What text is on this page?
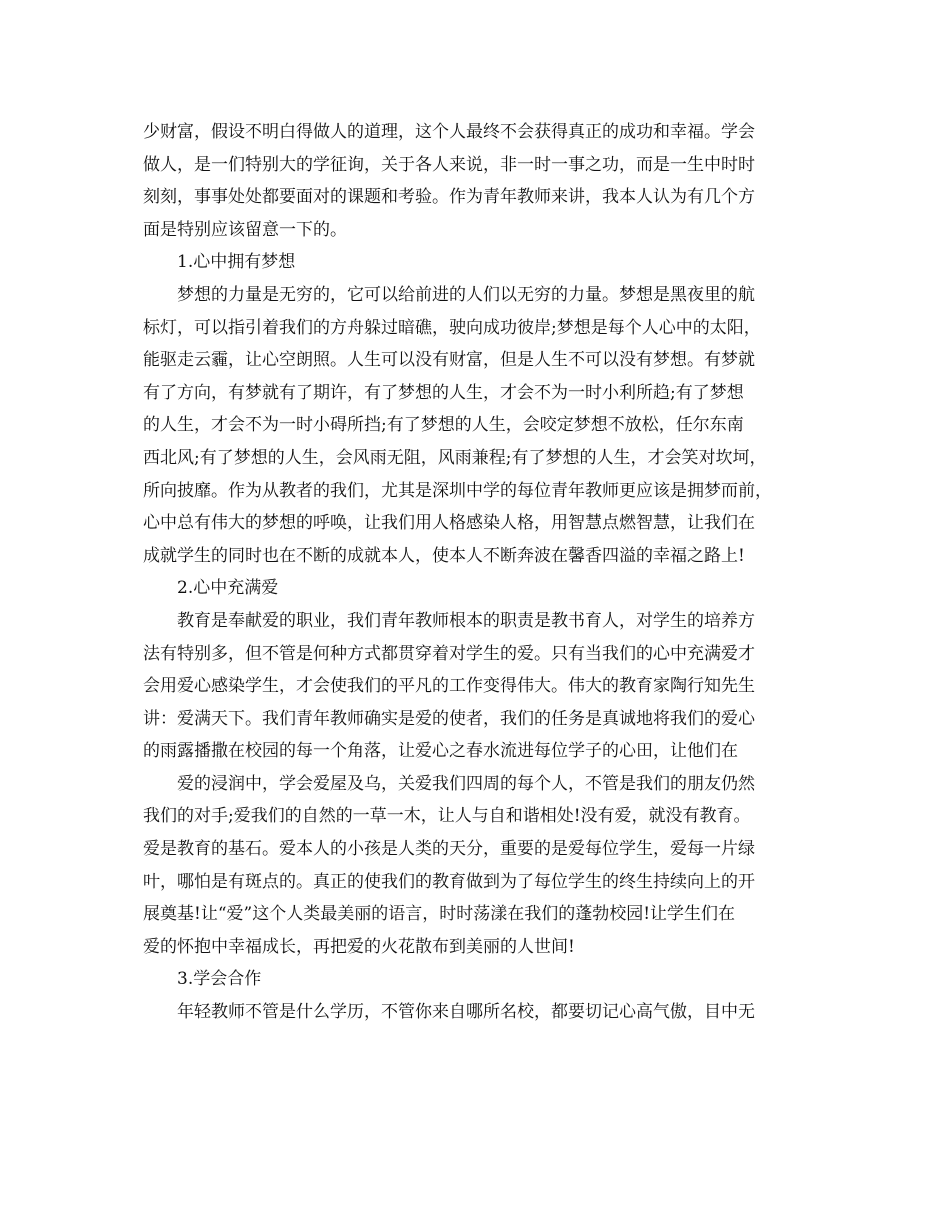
少财富，假设不明白得做人的道理，这个人最终不会获得真正的成功和幸福。学会

做人，是一们特别大的学征询，关于各人来说，非一时一事之功，而是一生中时时

刻刻，事事处处都要面对的课题和考验。作为青年教师来讲，我本人认为有几个方

面是特别应该留意一下的。

1.心中拥有梦想

梦想的力量是无穷的，它可以给前进的人们以无穷的力量。梦想是黑夜里的航

标灯，可以指引着我们的方舟躲过暗礁，驶向成功彼岸;梦想是每个人心中的太阳，

能驱走云霾，让心空朗照。人生可以没有财富，但是人生不可以没有梦想。有梦就

有了方向，有梦就有了期许，有了梦想的人生，才会不为一时小利所趋;有了梦想

的人生，才会不为一时小碍所挡;有了梦想的人生，会咬定梦想不放松，任尔东南

西北风;有了梦想的人生，会风雨无阻，风雨兼程;有了梦想的人生，才会笑对坎坷，

所向披靡。作为从教者的我们，尤其是深圳中学的每位青年教师更应该是拥梦而前，

心中总有伟大的梦想的呼唤，让我们用人格感染人格，用智慧点燃智慧，让我们在

成就学生的同时也在不断的成就本人，使本人不断奔波在馨香四溢的幸福之路上!

2.心中充满爱

教育是奉献爱的职业，我们青年教师根本的职责是教书育人，对学生的培养方

法有特别多，但不管是何种方式都贯穿着对学生的爱。只有当我们的心中充满爱才

会用爱心感染学生，才会使我们的平凡的工作变得伟大。伟大的教育家陶行知先生

讲：爱满天下。我们青年教师确实是爱的使者，我们的任务是真诚地将我们的爱心

的雨露播撒在校园的每一个角落，让爱心之春水流进每位学子的心田，让他们在

爱的浸润中，学会爱屋及乌，关爱我们四周的每个人，不管是我们的朋友仍然

我们的对手;爱我们的自然的一草一木，让人与自和谐相处!没有爱，就没有教育。

爱是教育的基石。爱本人的小孩是人类的天分，重要的是爱每位学生，爱每一片绿

叶，哪怕是有斑点的。真正的使我们的教育做到为了每位学生的终生持续向上的开

展奠基!让“爱”这个人类最美丽的语言，时时荡漾在我们的蓬勃校园!让学生们在

爱的怀抱中幸福成长，再把爱的火花散布到美丽的人世间!

3.学会合作

年轻教师不管是什么学历，不管你来自哪所名校，都要切记心高气傲，目中无
